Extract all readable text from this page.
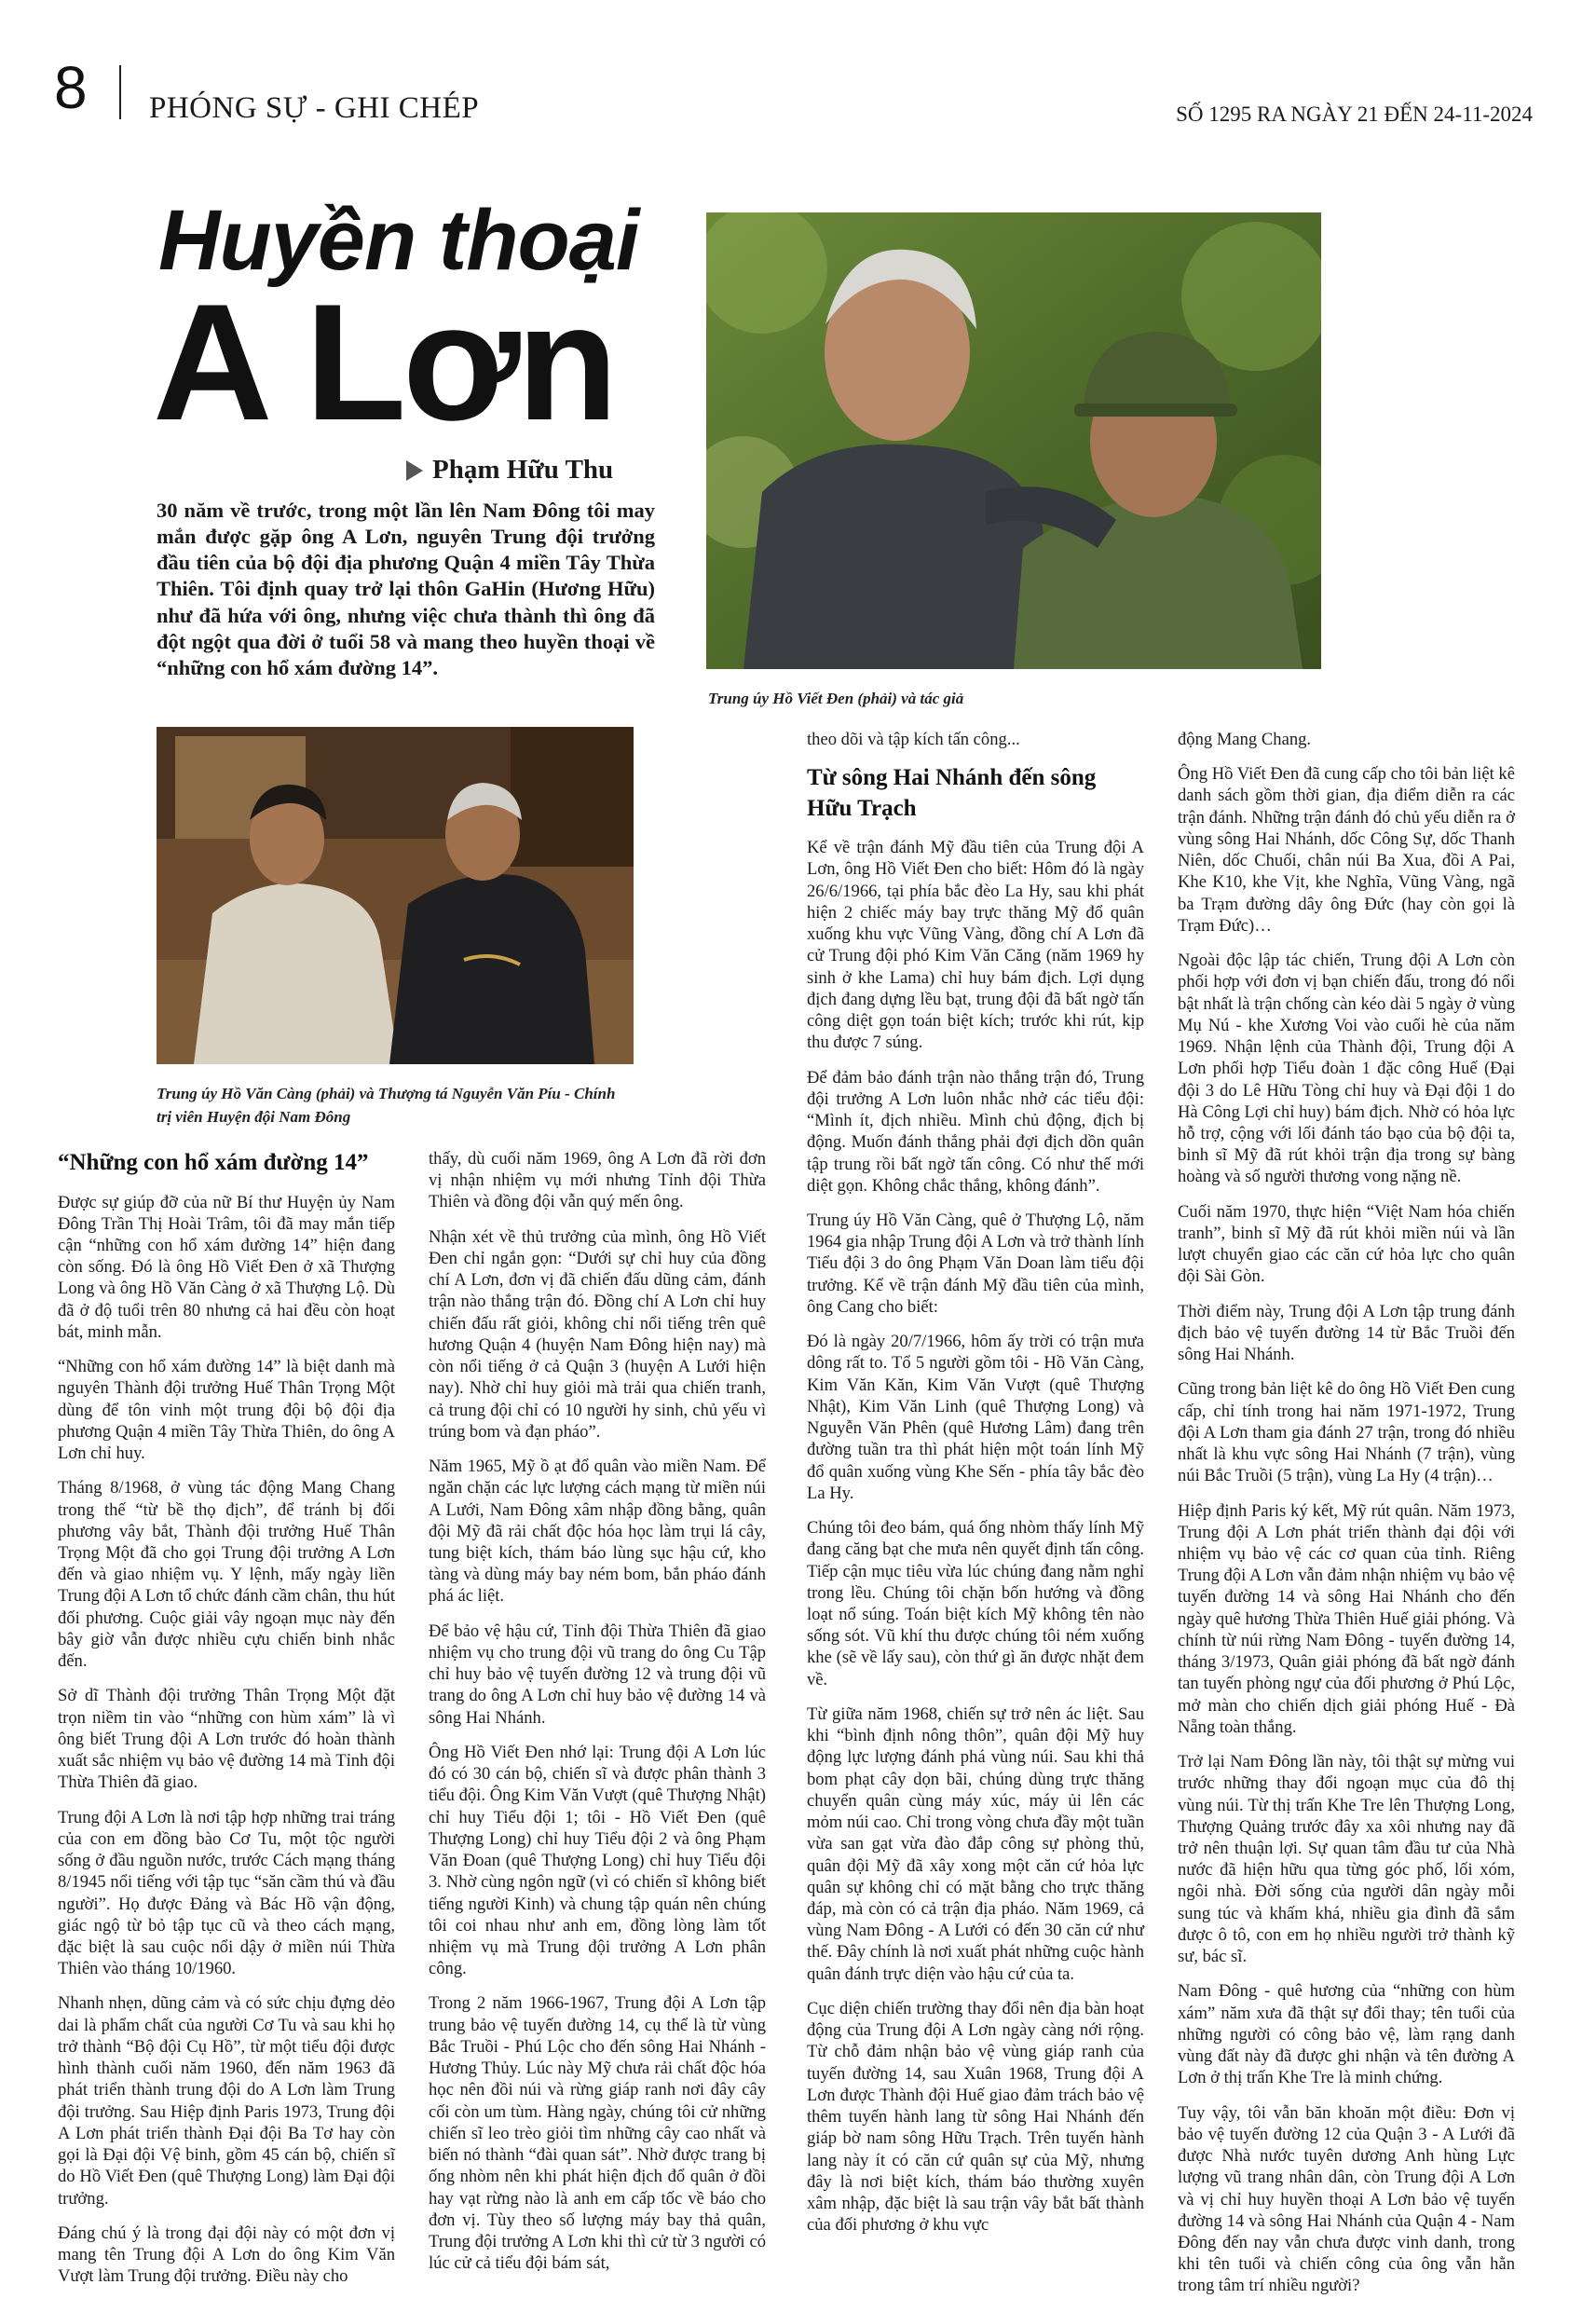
8 PHÓNG SỰ - GHI CHÉP	SỐ 1295 RA NGÀY 21 ĐẾN 24-11-2024
Huyền thoại
A Lơn
Phạm Hữu Thu
30 năm về trước, trong một lần lên Nam Đông tôi may mắn được gặp ông A Lơn, nguyên Trung đội trưởng đầu tiên của bộ đội địa phương Quận 4 miền Tây Thừa Thiên. Tôi định quay trở lại thôn GaHin (Hương Hữu) như đã hứa với ông, nhưng việc chưa thành thì ông đã đột ngột qua đời ở tuổi 58 và mang theo huyền thoại về “những con hổ xám đường 14”.
Trung úy Hồ Viết Đen (phải) và tác giả
Trung úy Hồ Văn Càng (phải) và Thượng tá Nguyễn Văn Píu - Chính trị viên Huyện đội Nam Đông
“Những con hổ xám đường 14”

Được sự giúp đỡ của nữ Bí thư Huyện ủy Nam Đông Trần Thị Hoài Trâm, tôi đã may mắn tiếp cận “những con hổ xám đường 14” hiện đang còn sống. Đó là ông Hồ Viết Đen ở xã Thượng Long và ông Hồ Văn Càng ở xã Thượng Lộ. Dù đã ở độ tuổi trên 80 nhưng cả hai đều còn hoạt bát, minh mẫn.

“Những con hổ xám đường 14” là biệt danh mà nguyên Thành đội trưởng Huế Thân Trọng Một dùng để tôn vinh một trung đội bộ đội địa phương Quận 4 miền Tây Thừa Thiên, do ông A Lơn chỉ huy.

Tháng 8/1968, ở vùng tác động Mang Chang trong thế “từ bề thọ địch”, để tránh bị đối phương vây bắt, Thành đội trưởng Huế Thân Trọng Một đã cho gọi Trung đội trưởng A Lơn đến và giao nhiệm vụ. Y lệnh, mấy ngày liền Trung đội A Lơn tổ chức đánh cầm chân, thu hút đối phương. Cuộc giải vây ngoạn mục này đến bây giờ vẫn được nhiều cựu chiến binh nhắc đến.

Sở dĩ Thành đội trưởng Thân Trọng Một đặt trọn niềm tin vào “những con hùm xám” là vì ông biết Trung đội A Lơn trước đó hoàn thành xuất sắc nhiệm vụ bảo vệ đường 14 mà Tỉnh đội Thừa Thiên đã giao.

Trung đội A Lơn là nơi tập hợp những trai tráng của con em đồng bào Cơ Tu, một tộc người sống ở đầu nguồn nước, trước Cách mạng tháng 8/1945 nổi tiếng với tập tục “săn cầm thú và đầu người”. Họ được Đảng và Bác Hồ vận động, giác ngộ từ bỏ tập tục cũ và theo cách mạng, đặc biệt là sau cuộc nổi dậy ở miền núi Thừa Thiên vào tháng 10/1960.

Nhanh nhẹn, dũng cảm và có sức chịu đựng dẻo dai là phẩm chất của người Cơ Tu và sau khi họ trở thành “Bộ đội Cụ Hồ”, từ một tiểu đội được hình thành cuối năm 1960, đến năm 1963 đã phát triển thành trung đội do A Lơn làm Trung đội trưởng. Sau Hiệp định Paris 1973, Trung đội A Lơn phát triển thành Đại đội Ba Tơ hay còn gọi là Đại đội Vệ binh, gồm 45 cán bộ, chiến sĩ do Hồ Viết Đen (quê Thượng Long) làm Đại đội trưởng.

Đáng chú ý là trong đại đội này có một đơn vị mang tên Trung đội A Lơn do ông Kim Văn Vượt làm Trung đội trưởng. Điều này cho

thấy, dù cuối năm 1969, ông A Lơn đã rời đơn vị nhận nhiệm vụ mới nhưng Tỉnh đội Thừa Thiên và đồng đội vẫn quý mến ông.

Nhận xét về thủ trưởng của mình, ông Hồ Viết Đen chỉ ngắn gọn: “Dưới sự chỉ huy của đồng chí A Lơn, đơn vị đã chiến đấu dũng cảm, đánh trận nào thắng trận đó. Đồng chí A Lơn chỉ huy chiến đấu rất giỏi, không chỉ nổi tiếng trên quê hương Quận 4 (huyện Nam Đông hiện nay) mà còn nổi tiếng ở cả Quận 3 (huyện A Lưới hiện nay). Nhờ chỉ huy giỏi mà trải qua chiến tranh, cả trung đội chỉ có 10 người hy sinh, chủ yếu vì trúng bom và đạn pháo”.

Năm 1965, Mỹ ồ ạt đổ quân vào miền Nam. Để ngăn chặn các lực lượng cách mạng từ miền núi A Lưới, Nam Đông xâm nhập đồng bằng, quân đội Mỹ đã rải chất độc hóa học làm trụi lá cây, tung biệt kích, thám báo lùng sục hậu cứ, kho tàng và dùng máy bay ném bom, bắn pháo đánh phá ác liệt.

Để bảo vệ hậu cứ, Tỉnh đội Thừa Thiên đã giao nhiệm vụ cho trung đội vũ trang do ông Cu Tập chỉ huy bảo vệ tuyến đường 12 và trung đội vũ trang do ông A Lơn chỉ huy bảo vệ đường 14 và sông Hai Nhánh.

Ông Hồ Viết Đen nhớ lại: Trung đội A Lơn lúc đó có 30 cán bộ, chiến sĩ và được phân thành 3 tiểu đội. Ông Kim Văn Vượt (quê Thượng Nhật) chỉ huy Tiểu đội 1; tôi - Hồ Viết Đen (quê Thượng Long) chỉ huy Tiểu đội 2 và ông Phạm Văn Đoan (quê Thượng Long) chỉ huy Tiểu đội 3. Nhờ cùng ngôn ngữ (vì có chiến sĩ không biết tiếng người Kinh) và chung tập quán nên chúng tôi coi nhau như anh em, đồng lòng làm tốt nhiệm vụ mà Trung đội trưởng A Lơn phân công.

Trong 2 năm 1966-1967, Trung đội A Lơn tập trung bảo vệ tuyến đường 14, cụ thể là từ vùng Bắc Truồi - Phú Lộc cho đến sông Hai Nhánh - Hương Thủy. Lúc này Mỹ chưa rải chất độc hóa học nên đồi núi và rừng giáp ranh nơi đây cây cối còn um tùm. Hàng ngày, chúng tôi cử những chiến sĩ leo trèo giỏi tìm những cây cao nhất và biến nó thành “đài quan sát”. Nhờ được trang bị ống nhòm nên khi phát hiện địch đổ quân ở đồi hay vạt rừng nào là anh em cấp tốc về báo cho đơn vị. Tùy theo số lượng máy bay thả quân, Trung đội trưởng A Lơn khi thì cử từ 3 người có lúc cử cả tiểu đội bám sát,

theo dõi và tập kích tấn công...

Từ sông Hai Nhánh đến sông Hữu Trạch

Kể về trận đánh Mỹ đầu tiên của Trung đội A Lơn, ông Hồ Viết Đen cho biết: Hôm đó là ngày 26/6/1966, tại phía bắc đèo La Hy, sau khi phát hiện 2 chiếc máy bay trực thăng Mỹ đổ quân xuống khu vực Vũng Vàng, đồng chí A Lơn đã cử Trung đội phó Kim Văn Căng (năm 1969 hy sinh ở khe Lama) chỉ huy bám địch. Lợi dụng địch đang dựng lều bạt, trung đội đã bất ngờ tấn công diệt gọn toán biệt kích; trước khi rút, kịp thu được 7 súng.

Để đảm bảo đánh trận nào thắng trận đó, Trung đội trưởng A Lơn luôn nhắc nhở các tiểu đội: “Mình ít, địch nhiều. Mình chủ động, địch bị động. Muốn đánh thắng phải đợi địch dồn quân tập trung rồi bất ngờ tấn công. Có như thế mới diệt gọn. Không chắc thắng, không đánh”.

Trung úy Hồ Văn Càng, quê ở Thượng Lộ, năm 1964 gia nhập Trung đội A Lơn và trở thành lính Tiểu đội 3 do ông Phạm Văn Doan làm tiểu đội trưởng. Kể về trận đánh Mỹ đầu tiên của mình, ông Cang cho biết:

Đó là ngày 20/7/1966, hôm ấy trời có trận mưa dông rất to. Tổ 5 người gồm tôi - Hồ Văn Càng, Kim Văn Kăn, Kim Văn Vượt (quê Thượng Nhật), Kim Văn Linh (quê Thượng Long) và Nguyễn Văn Phên (quê Hương Lâm) đang trên đường tuần tra thì phát hiện một toán lính Mỹ đổ quân xuống vùng Khe Sến - phía tây bắc đèo La Hy.

Chúng tôi đeo bám, quá ống nhòm thấy lính Mỹ đang căng bạt che mưa nên quyết định tấn công. Tiếp cận mục tiêu vừa lúc chúng đang nằm nghỉ trong lều. Chúng tôi chặn bốn hướng và đồng loạt nổ súng. Toán biệt kích Mỹ không tên nào sống sót. Vũ khí thu được chúng tôi ném xuống khe (sẽ về lấy sau), còn thứ gì ăn được nhặt đem về.

Từ giữa năm 1968, chiến sự trở nên ác liệt. Sau khi “bình định nông thôn”, quân đội Mỹ huy động lực lượng đánh phá vùng núi. Sau khi thả bom phạt cây dọn bãi, chúng dùng trực thăng chuyển quân cùng máy xúc, máy ủi lên các mỏm núi cao. Chỉ trong vòng chưa đầy một tuần vừa san gạt vừa đào đắp công sự phòng thủ, quân đội Mỹ đã xây xong một căn cứ hỏa lực quân sự không chỉ có mặt bằng cho trực thăng đáp, mà còn có cả trận địa pháo. Năm 1969, cả vùng Nam Đông - A Lưới có đến 30 căn cứ như thế. Đây chính là nơi xuất phát những cuộc hành quân đánh trực diện vào hậu cứ của ta.

Cục diện chiến trường thay đổi nên địa bàn hoạt động của Trung đội A Lơn ngày càng nới rộng. Từ chỗ đảm nhận bảo vệ vùng giáp ranh của tuyến đường 14, sau Xuân 1968, Trung đội A Lơn được Thành đội Huế giao đảm trách bảo vệ thêm tuyến hành lang từ sông Hai Nhánh đến giáp bờ nam sông Hữu Trạch. Trên tuyến hành lang này ít có căn cứ quân sự của Mỹ, nhưng đây là nơi biệt kích, thám báo thường xuyên xâm nhập, đặc biệt là sau trận vây bắt bất thành của đối phương ở khu vực

động Mang Chang.

Ông Hồ Viết Đen đã cung cấp cho tôi bản liệt kê danh sách gồm thời gian, địa điểm diễn ra các trận đánh. Những trận đánh đó chủ yếu diễn ra ở vùng sông Hai Nhánh, dốc Công Sự, dốc Thanh Niên, dốc Chuối, chân núi Ba Xua, đồi A Pai, Khe K10, khe Vịt, khe Nghĩa, Vũng Vàng, ngã ba Trạm đường dây ông Đức (hay còn gọi là Trạm Đức)…

Ngoài độc lập tác chiến, Trung đội A Lơn còn phối hợp với đơn vị bạn chiến đấu, trong đó nổi bật nhất là trận chống càn kéo dài 5 ngày ở vùng Mụ Nú - khe Xương Voi vào cuối hè của năm 1969. Nhận lệnh của Thành đội, Trung đội A Lơn phối hợp Tiểu đoàn 1 đặc công Huế (Đại đội 3 do Lê Hữu Tòng chỉ huy và Đại đội 1 do Hà Công Lợi chỉ huy) bám địch. Nhờ có hỏa lực hỗ trợ, cộng với lối đánh táo bạo của bộ đội ta, binh sĩ Mỹ đã rút khỏi trận địa trong sự bàng hoàng và số người thương vong nặng nề.

Cuối năm 1970, thực hiện “Việt Nam hóa chiến tranh”, binh sĩ Mỹ đã rút khỏi miền núi và lần lượt chuyển giao các căn cứ hỏa lực cho quân đội Sài Gòn.

Thời điểm này, Trung đội A Lơn tập trung đánh địch bảo vệ tuyến đường 14 từ Bắc Truồi đến sông Hai Nhánh.

Cũng trong bản liệt kê do ông Hồ Viết Đen cung cấp, chỉ tính trong hai năm 1971-1972, Trung đội A Lơn tham gia đánh 27 trận, trong đó nhiều nhất là khu vực sông Hai Nhánh (7 trận), vùng núi Bắc Truồi (5 trận), vùng La Hy (4 trận)…

Hiệp định Paris ký kết, Mỹ rút quân. Năm 1973, Trung đội A Lơn phát triển thành đại đội với nhiệm vụ bảo vệ các cơ quan của tỉnh. Riêng Trung đội A Lơn vẫn đảm nhận nhiệm vụ bảo vệ tuyến đường 14 và sông Hai Nhánh cho đến ngày quê hương Thừa Thiên Huế giải phóng. Và chính từ núi rừng Nam Đông - tuyến đường 14, tháng 3/1973, Quân giải phóng đã bất ngờ đánh tan tuyến phòng ngự của đối phương ở Phú Lộc, mở màn cho chiến dịch giải phóng Huế - Đà Nẵng toàn thắng.

Trở lại Nam Đông lần này, tôi thật sự mừng vui trước những thay đổi ngoạn mục của đô thị vùng núi. Từ thị trấn Khe Tre lên Thượng Long, Thượng Quảng trước đây xa xôi nhưng nay đã trở nên thuận lợi. Sự quan tâm đầu tư của Nhà nước đã hiện hữu qua từng góc phố, lối xóm, ngôi nhà. Đời sống của người dân ngày mỗi sung túc và khấm khá, nhiều gia đình đã sắm được ô tô, con em họ nhiều người trở thành kỹ sư, bác sĩ.

Nam Đông - quê hương của “những con hùm xám” năm xưa đã thật sự đổi thay; tên tuổi của những người có công bảo vệ, làm rạng danh vùng đất này đã được ghi nhận và tên đường A Lơn ở thị trấn Khe Tre là minh chứng.

Tuy vậy, tôi vẫn băn khoăn một điều: Đơn vị bảo vệ tuyến đường 12 của Quận 3 - A Lưới đã được Nhà nước tuyên dương Anh hùng Lực lượng vũ trang nhân dân, còn Trung đội A Lơn và vị chỉ huy huyền thoại A Lơn bảo vệ tuyến đường 14 và sông Hai Nhánh của Quận 4 - Nam Đông đến nay vẫn chưa được vinh danh, trong khi tên tuổi và chiến công của ông vẫn hằn trong tâm trí nhiều người?
